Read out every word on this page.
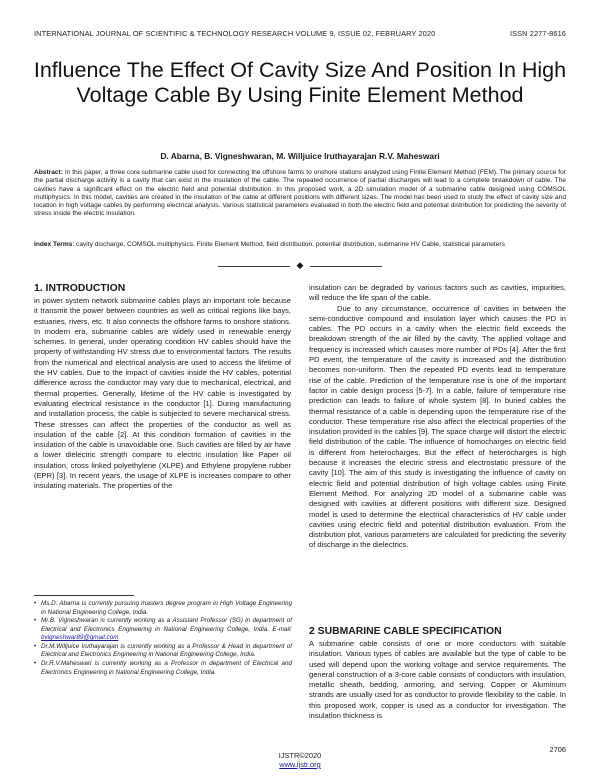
INTERNATIONAL JOURNAL OF SCIENTIFIC & TECHNOLOGY RESEARCH VOLUME 9, ISSUE 02, FEBRUARY 2020	ISSN 2277-8616
Influence The Effect Of Cavity Size And Position In High Voltage Cable By Using Finite Element Method
D. Abarna, B. Vigneshwaran, M. Willjuice Iruthayarajan R.V. Maheswari
Abstract: In this paper, a three core submarine cable used for connecting the offshore farms to onshore stations analyzed using Finite Element Method (FEM). The primary source for the partial discharge activity is a cavity that can exist in the insulation of the cable. The repeated occurrence of partial discharges will lead to a complete breakdown of cable. The cavities have a significant effect on the electric field and potential distribution. In this proposed work, a 2D simulation model of a submarine cable designed using COMSOL multiphysics. In this model, cavities are created in the insulation of the cable at different positions with different sizes. The model has been used to study the effect of cavity size and location in high voltage cables by performing electrical analysis. Various statistical parameters evaluated in both the electric field and potential distribution for predicting the severity of stress inside the electric insulation.
Index Terms: cavity discharge, COMSOL multiphysics, Finite Element Method, field distribution, potential distribution, submarine HV Cable, statistical parameters
◆
1. INTRODUCTION

in power system network submarine cables plays an important role because it transmit the power between countries as well as critical regions like bays, estuaries, rivers, etc. It also connects the offshore farms to onshore stations. In modern era, submarine cables are widely used in renewable energy schemes. In general, under operating condition HV cables should have the property of withstanding HV stress due to environmental factors. The results from the numerical and electrical analysis are used to access the lifetime of the HV cables. Due to the impact of cavities inside the HV cables, potential difference across the conductor may vary due to mechanical, electrical, and thermal properties. Generally, lifetime of the HV cable is investigated by evaluating electrical resistance in the conductor [1]. During manufacturing and installation process, the cable is subjected to severe mechanical stress. These stresses can affect the properties of the conductor as well as insulation of the cable [2]. At this condition formation of cavities in the insulation of the cable is unavoidable one. Such cavities are filled by air have a lower dielectric strength compare to electric insulation like Paper oil insulation, cross linked polyethylene (XLPE) and Ethylene propylene rubber (EPR) [3]. In recent years, the usage of XLPE is increases compare to other insulating materials. The properties of the

• Ms.D. Abarna is currently pursuing masters degree program in High Voltage Engineering in National Engineering College, India.
• Mr.B. Vigneshwaran is currently working as a Assistant Professor (SG) in department of Electrical and Electronics Engineering in National Engineering College, India. E-mail: bvigneshwar89@gmail.com
• Dr.M.Willjuice Iruthayarajan is currently working as a Professor & Head in department of Electrical and Electronics Engineering in National Engineering College, India.
• Dr.R.V.Maheswari is currently working as a Professor in department of Electrical and Electronics Engineering in National Engineering College, India.

insulation can be degraded by various factors such as cavities, impurities, will reduce the life span of the cable.

Due to any circumstance, occurrence of cavities in between the semi-conductive compound and insulation layer which causes the PD in cables. The PD occurs in a cavity when the electric field exceeds the breakdown strength of the air filled by the cavity. The applied voltage and frequency is increased which causes more number of PDs [4]. After the first PD event, the temperature of the cavity is increased and the distribution becomes non-uniform. Then the repeated PD events lead to temperature rise of the cable. Prediction of the temperature rise is one of the important factor in cable design process [5-7]. In a cable, failure of temperature rise prediction can leads to failure of whole system [8]. In buried cables the thermal resistance of a cable is depending upon the temperature rise of the conductor. These temperature rise also affect the electrical properties of the insulation provided in the cables [9]. The space charge will distort the electric field distribution of the cable. The influence of homocharges on electric field is different from heterocharges. But the effect of heterocharges is high because it increases the electric stress and electrostatic pressure of the cavity [10]. The aim of this study is investigating the influence of cavity on electric field and potential distribution of high voltage cables using Finite Element Method. For analyzing 2D model of a submarine cable was designed with cavities at different positions with different size. Designed model is used to determine the electrical characteristics of HV cable under cavities using electric field and potential distribution evaluation. From the distribution plot, various parameters are calculated for predicting the severity of discharge in the dielectrics.

2 SUBMARINE CABLE SPECIFICATION

A submarine cable consists of one or more conductors with suitable insulation. Various types of cables are available but the type of cable to be used will depend upon the working voltage and service requirements. The general construction of a 3-core cable consists of conductors with insulation, metallic sheath, bedding, armoring, and serving. Copper or Aluminum strands are usually used for as conductor to provide flexibility to the cable. In this proposed work, copper is used as a conductor for investigation. The insulation thickness is

2706
IJSTR©2020
www.ijstr.org
